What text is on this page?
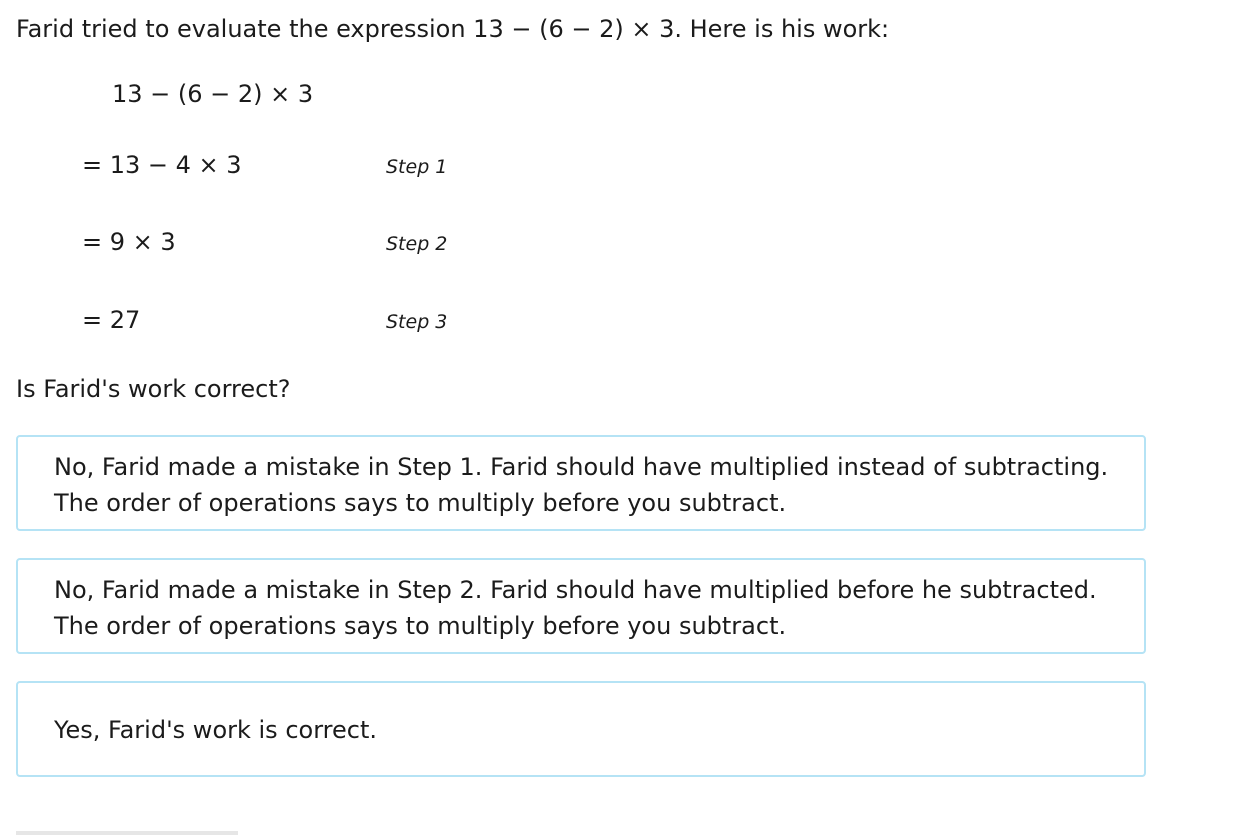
Farid tried to evaluate the expression 13 − (6 − 2) × 3. Here is his work:
13 − (6 − 2) × 3
= 13 − 4 × 3	Step 1
= 9 × 3	Step 2
= 27	Step 3
Is Farid's work correct?
No, Farid made a mistake in Step 1. Farid should have multiplied instead of subtracting. The order of operations says to multiply before you subtract.
No, Farid made a mistake in Step 2. Farid should have multiplied before he subtracted. The order of operations says to multiply before you subtract.
Yes, Farid's work is correct.
